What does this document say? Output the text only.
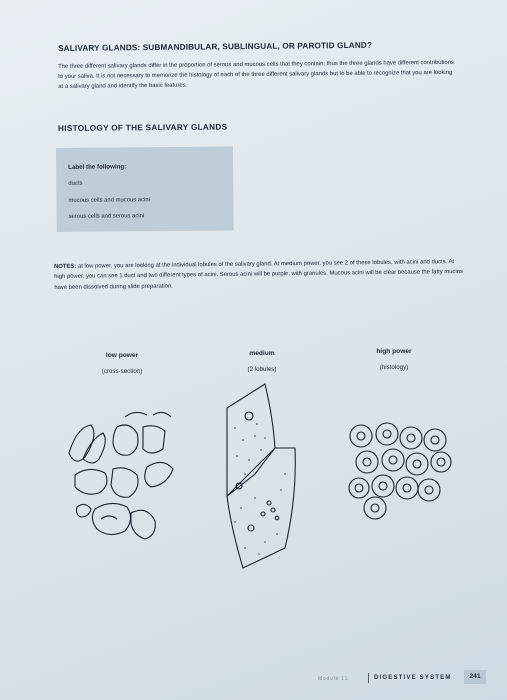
SALIVARY GLANDS: SUBMANDIBULAR, SUBLINGUAL, OR PAROTID GLAND?
The three different salivary glands differ in the proportion of serous and mucous cells that they contain; thus the three glands have different contributions to your saliva. It is not necessary to memorize the histology of each of the three different salivary glands but to be able to recognize that you are looking at a salivary gland and identify the basic features.
HISTOLOGY OF THE SALIVARY GLANDS
Label the following:
ducts
mucous cells and mucous acini
serous cells and serous acini
NOTES: at low power, you are looking at the individual lobules of the salivary gland. At medium power, you see 2 of these lobules, with acini and ducts. At high power, you can see 1 duct and two different types of acini. Serous acini will be purple, with granules. Mucous acini will be clear because the fatty mucins have been dissolved during slide preparation.
low power
(cross-section)
medium
(2 lobules)
high power
(histology)
Module 11	DIGESTIVE SYSTEM	241
